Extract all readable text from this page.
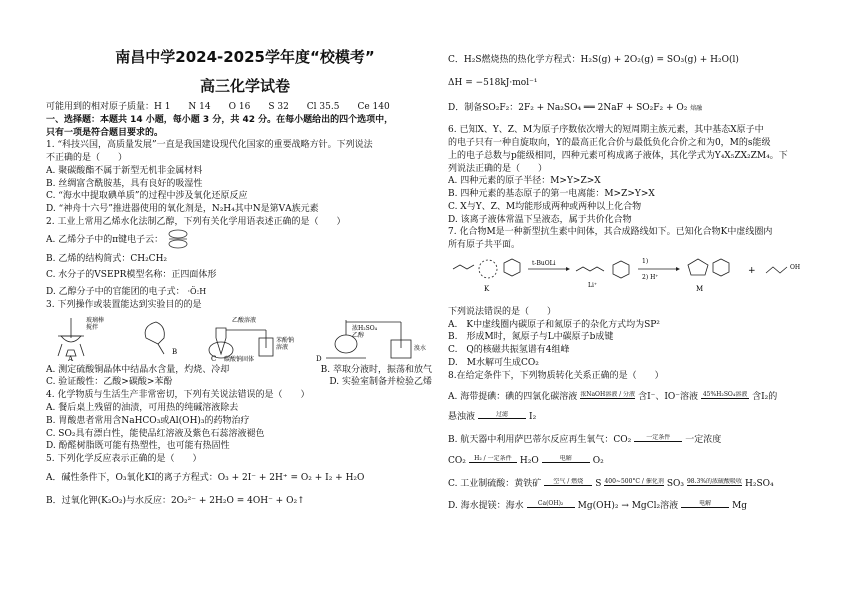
南昌中学2024-2025学年度“校模考”
高三化学试卷
可能用到的相对原子质量：H 1　　N 14　　O 16　　S 32　　Cl 35.5　　Ce 140
一、选择题：本题共 14 小题，每小题 3 分，共 42 分。在每小题给出的四个选项中，
只有一项是符合题目要求的。
1. “科技兴国，高质量发展”一直是我国建设现代化国家的重要战略方针。下列说法
不正确的是（　　）
A. 聚碳酸酯不属于新型无机非金属材料
B. 丝绸富含酰胺基，具有良好的吸湿性
C. “海水中提取碘单质”的过程中涉及氧化还原反应
D. “神舟十六号”推进器使用的氧化剂是，N₂H₄其中N是第ⅤA族元素
2. 工业上常用乙烯水化法制乙醇，下列有关化学用语表述正确的是（　　）
A. 乙烯分子中的π键电子云：
B. 乙烯的结构简式：CH₂CH₂
C. 水分子的VSEPR模型名称：正四面体形
D. 乙醇分子中的官能团的电子式： ·Ö:H
3. 下列操作或装置能达到实验目的的是
玻璃棒
搅拌
A
B
乙酸溶液
碳酸钠固体
苯酚钠
溶液
C	D
浓H₂SO₄
乙醇
溴水
A. 测定硫酸铜晶体中结晶水含量，灼烧、冷却	B. 萃取分液时，振荡和放气
C. 验证酸性：乙酸>碳酸>苯酚	D. 实验室制备并检验乙烯
4. 化学物质与生活生产非常密切，下列有关说法错误的是（　　）
A. 餐后桌上残留的油渍，可用热的纯碱溶液除去
B. 胃酸患者常用含NaHCO₃或Al(OH)₃的药物治疗
C. SO₂具有漂白性，能使品红溶液及紫色石蕊溶液褪色
D. 酚醛树脂既可能有热塑性，也可能有热固性
5. 下列化学反应表示正确的是（　　）
A．碱性条件下，O₃氧化KI的离子方程式：O₃ + 2I⁻ + 2H⁺ = O₂ + I₂ + H₂O
B．过氧化钾(K₂O₂)与水反应：2O₂²⁻ + 2H₂O = 4OH⁻ + O₂↑
C．H₂S燃烧热的热化学方程式：H₂S(g) + 2O₂(g) = SO₃(g) + H₂O(l)
ΔH = −518kJ·mol⁻¹
D．制备SO₂F₂：2F₂ + Na₂SO₄ ══ 2NaF + SO₂F₂ + O₂ 熔融
6. 已知X、Y、Z、M为原子序数依次增大的短周期主族元素，其中基态X原子中
的电子只有一种自旋取向，Y的最高正化合价与最低负化合价之和为0，M的s能级
上的电子总数与p能级相同，四种元素可构成离子液体，其化学式为Y₄X₅ZX₂ZM₄。下
列说法正确的是（　　）
A. 四种元素的原子半径：M>Y>Z>X
B. 四种元素的基态原子的第一电离能：M>Z>Y>X
C. X与Y、Z、M均能形成两种或两种以上化合物
D. 该离子液体常温下呈液态，属于共价化合物
7. 化合物M是一种新型抗生素中间体，其合成路线如下。已知化合物K中虚线圈内
所有原子共平面。
K
t-BuOLi
Li⁺
1)
2) H⁺
M
+	OH
下列说法错误的是（　　）
A.　K中虚线圈内碳原子和氮原子的杂化方式均为SP²
B.　形成M时，氮原子与L中碳原子b成键
C.　Q的核磁共振氢谱有4组峰
D.　M水解可生成CO₂
8.在给定条件下，下列物质转化关系正确的是（　　）
A. 海带提碘：碘的四氯化碳溶液 浓NaOH溶液 / 分液 含I⁻、IO⁻溶液 45%H₂SO₄溶液 含I₂的
悬浊液	过滤 I₂
B. 航天器中利用萨巴蒂尔反应再生氧气：CO₂ 一定条件 一定浓度
CO₂ H₂ / 一定条件 H₂O	电解 O₂
C. 工业制硫酸：黄铁矿 空气 / 燃烧 S 400~500°C / 催化剂 SO₃ 98.3%的浓硫酸吸收 H₂SO₄
D. 海水提镁：海水 Ca(OH)₂ Mg(OH)₂ → MgCl₂溶液	电解 Mg
